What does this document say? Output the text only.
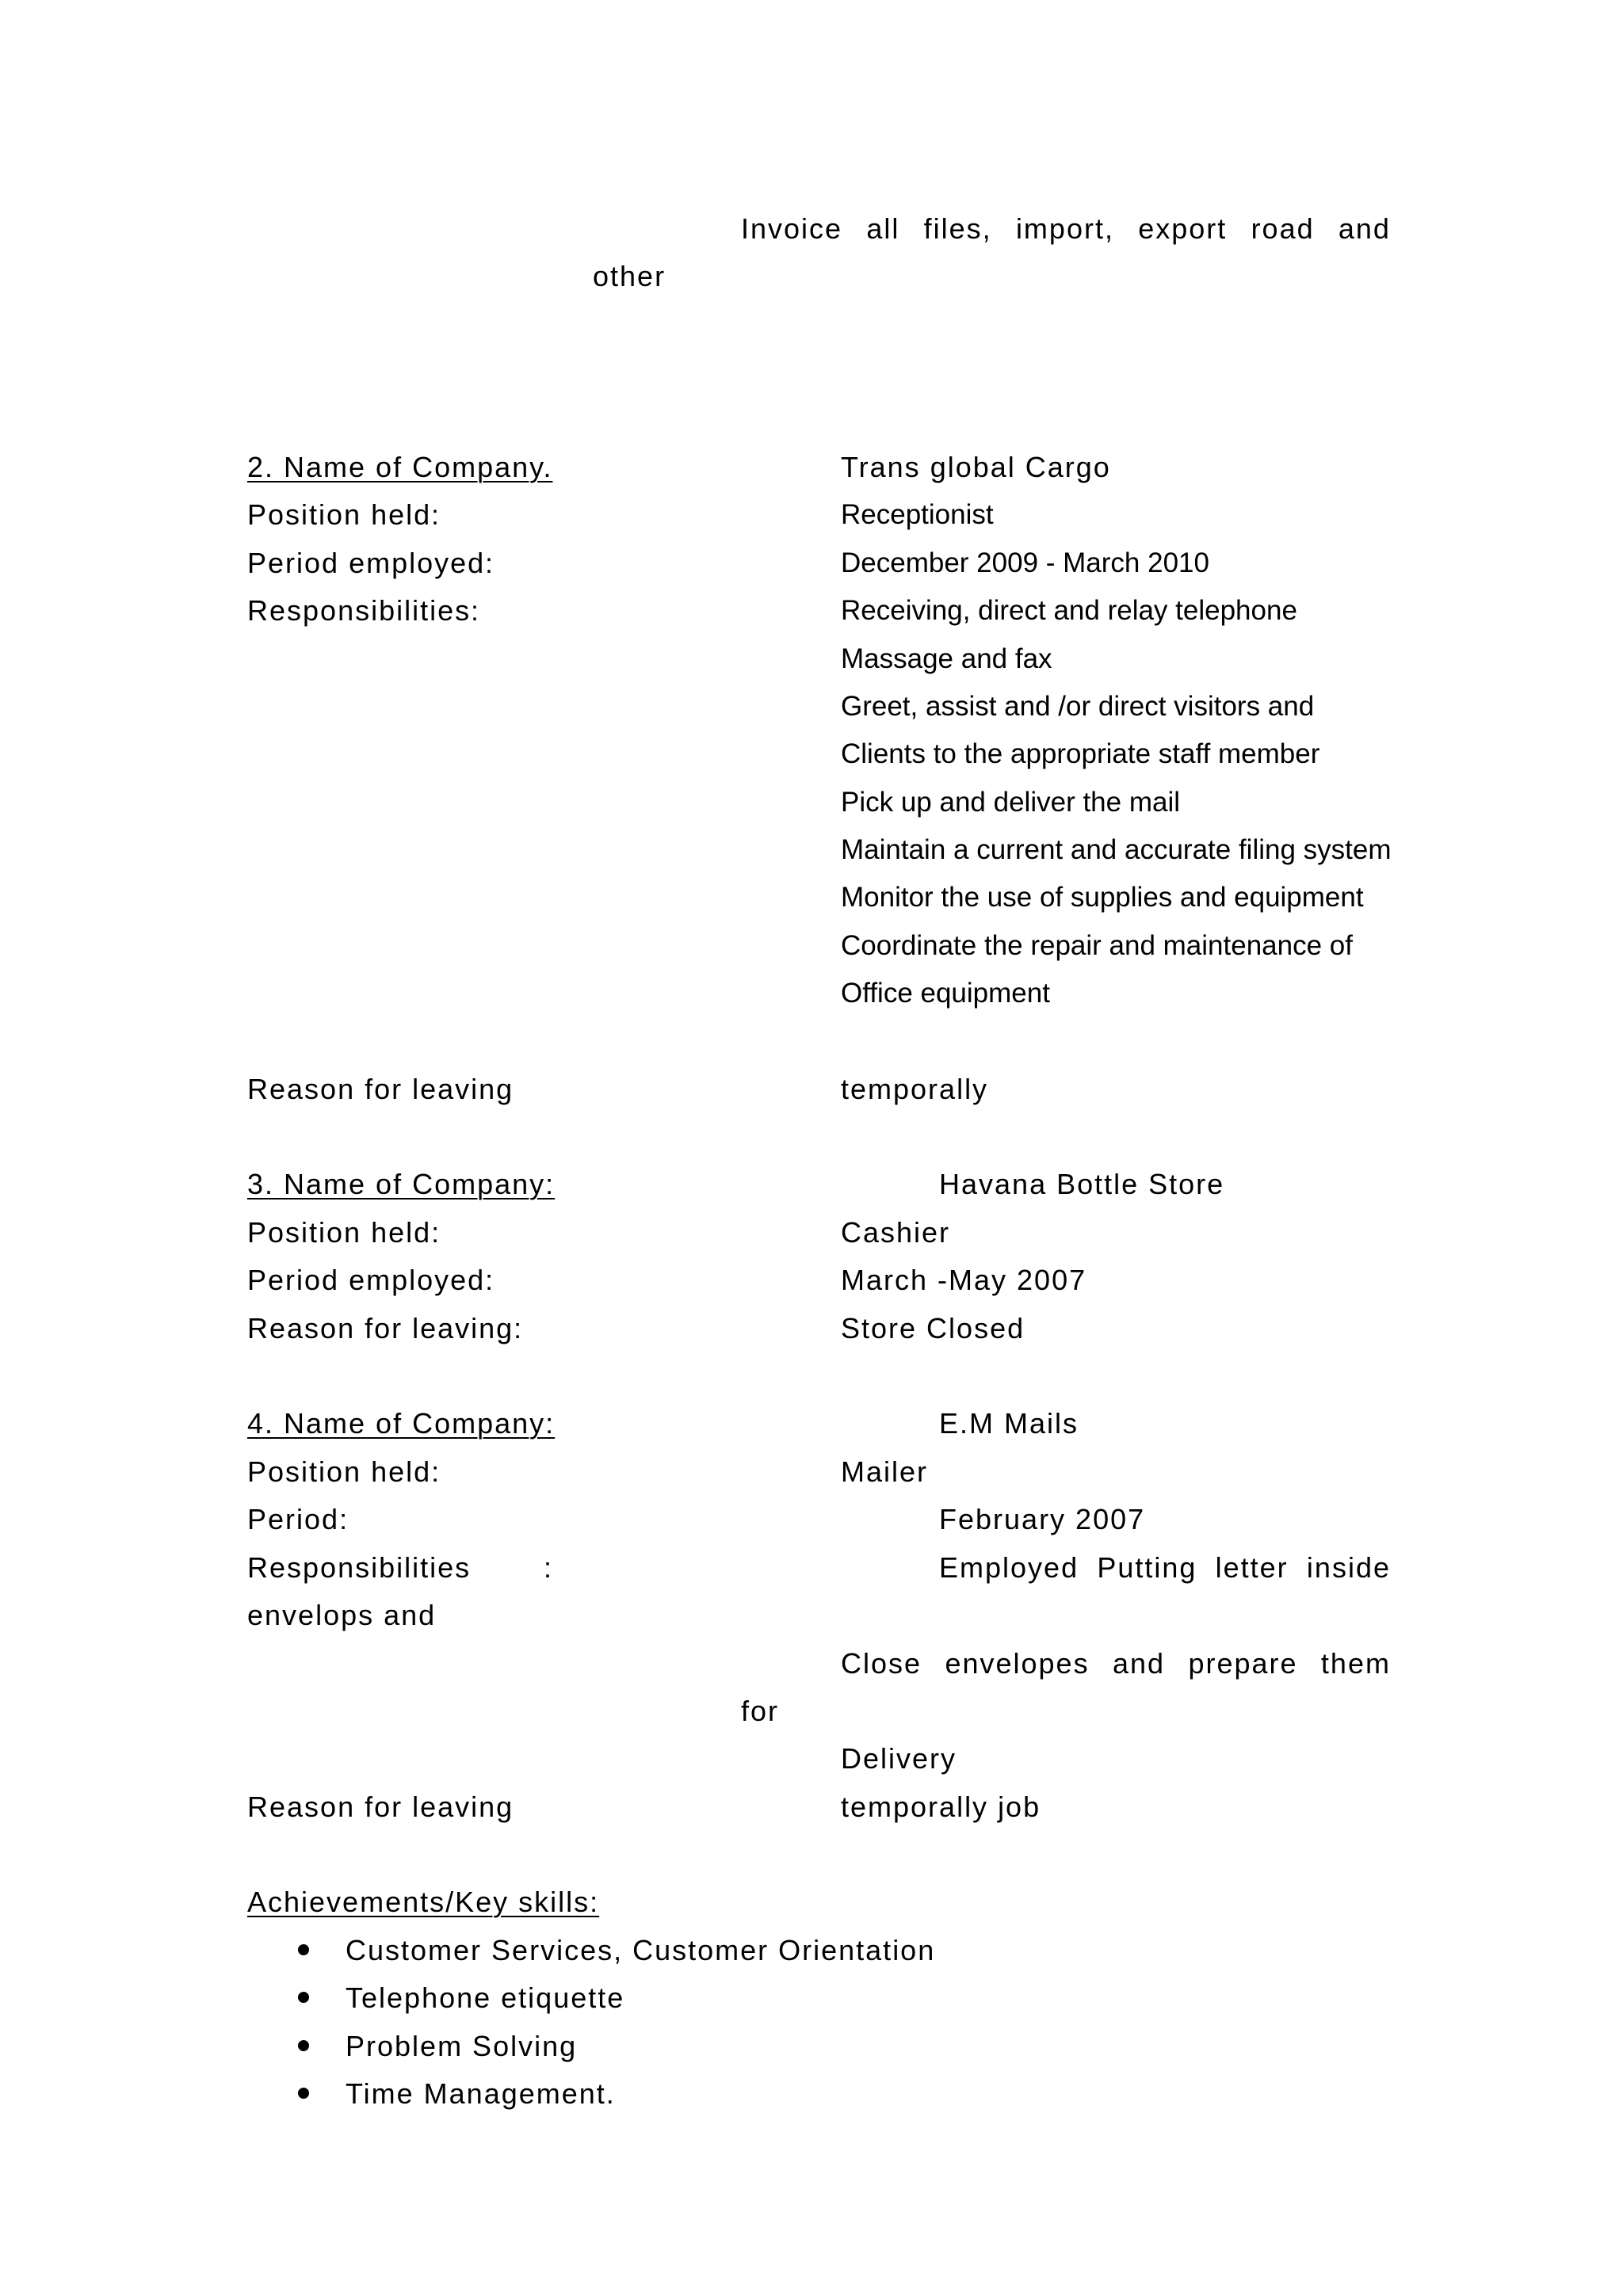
Invoice all files, import, export road and
other
2. Name of Company.	Trans global Cargo
Position held:	Receptionist
Period employed:	December 2009 - March 2010
Responsibilities:	Receiving, direct and relay telephone
Massage and fax
Greet, assist and /or direct visitors and
Clients to the appropriate staff member
Pick up and deliver the mail
Maintain a current and accurate filing system
Monitor the use of supplies and equipment
Coordinate the repair and maintenance of
Office equipment
Reason for leaving	temporally
3. Name of Company:	Havana Bottle Store
Position held:	Cashier
Period employed:	March -May 2007
Reason for leaving:	Store Closed
4. Name of Company:	E.M Mails
Position held:	Mailer
Period:	February 2007
Responsibilities	:	Employed Putting letter inside
envelops and
Close envelopes and prepare them
for
Delivery
Reason for leaving	temporally job
Achievements/Key skills:
Customer Services, Customer Orientation
Telephone etiquette
Problem Solving
Time Management.
